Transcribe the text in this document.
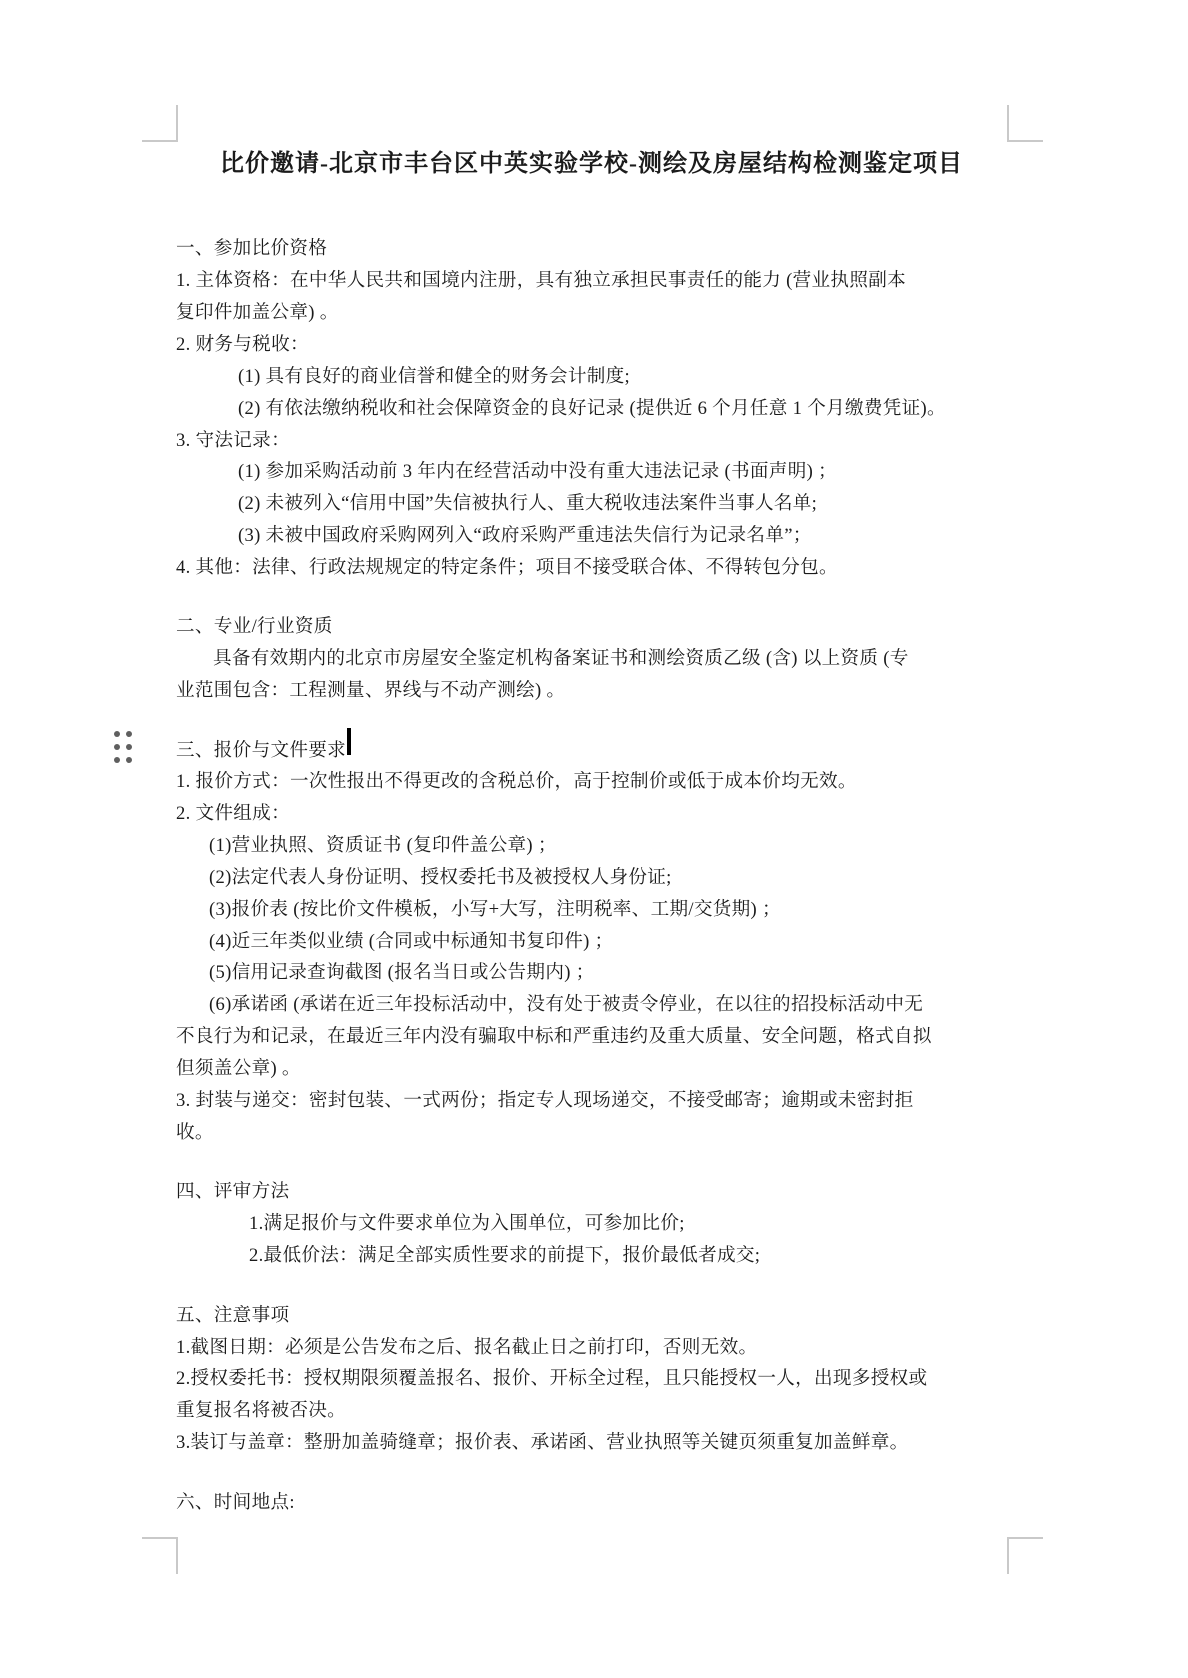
比价邀请-北京市丰台区中英实验学校-测绘及房屋结构检测鉴定项目
一、参加比价资格
1. 主体资格：在中华人民共和国境内注册，具有独立承担民事责任的能力 (营业执照副本
复印件加盖公章) 。
2. 财务与税收：
(1) 具有良好的商业信誉和健全的财务会计制度;
(2) 有依法缴纳税收和社会保障资金的良好记录 (提供近 6 个月任意 1 个月缴费凭证)。
3. 守法记录：
(1) 参加采购活动前 3 年内在经营活动中没有重大违法记录 (书面声明) ；
(2) 未被列入“信用中国”失信被执行人、重大税收违法案件当事人名单;
(3) 未被中国政府采购网列入“政府采购严重违法失信行为记录名单”；
4. 其他：法律、行政法规规定的特定条件；项目不接受联合体、不得转包分包。
二、专业/行业资质
具备有效期内的北京市房屋安全鉴定机构备案证书和测绘资质乙级 (含) 以上资质 (专
业范围包含：工程测量、界线与不动产测绘) 。
三、报价与文件要求
1. 报价方式：一次性报出不得更改的含税总价，高于控制价或低于成本价均无效。
2. 文件组成：
(1)营业执照、资质证书 (复印件盖公章) ；
(2)法定代表人身份证明、授权委托书及被授权人身份证;
(3)报价表 (按比价文件模板，小写+大写，注明税率、工期/交货期) ；
(4)近三年类似业绩 (合同或中标通知书复印件) ；
(5)信用记录查询截图 (报名当日或公告期内) ；
(6)承诺函 (承诺在近三年投标活动中，没有处于被责令停业，在以往的招投标活动中无
不良行为和记录，在最近三年内没有骗取中标和严重违约及重大质量、安全问题，格式自拟
但须盖公章) 。
3. 封装与递交：密封包装、一式两份；指定专人现场递交，不接受邮寄；逾期或未密封拒
收。
四、评审方法
1.满足报价与文件要求单位为入围单位，可参加比价;
2.最低价法：满足全部实质性要求的前提下，报价最低者成交;
五、注意事项
1.截图日期：必须是公告发布之后、报名截止日之前打印，否则无效。
2.授权委托书：授权期限须覆盖报名、报价、开标全过程，且只能授权一人，出现多授权或
重复报名将被否决。
3.装订与盖章：整册加盖骑缝章；报价表、承诺函、营业执照等关键页须重复加盖鲜章。
六、时间地点:
